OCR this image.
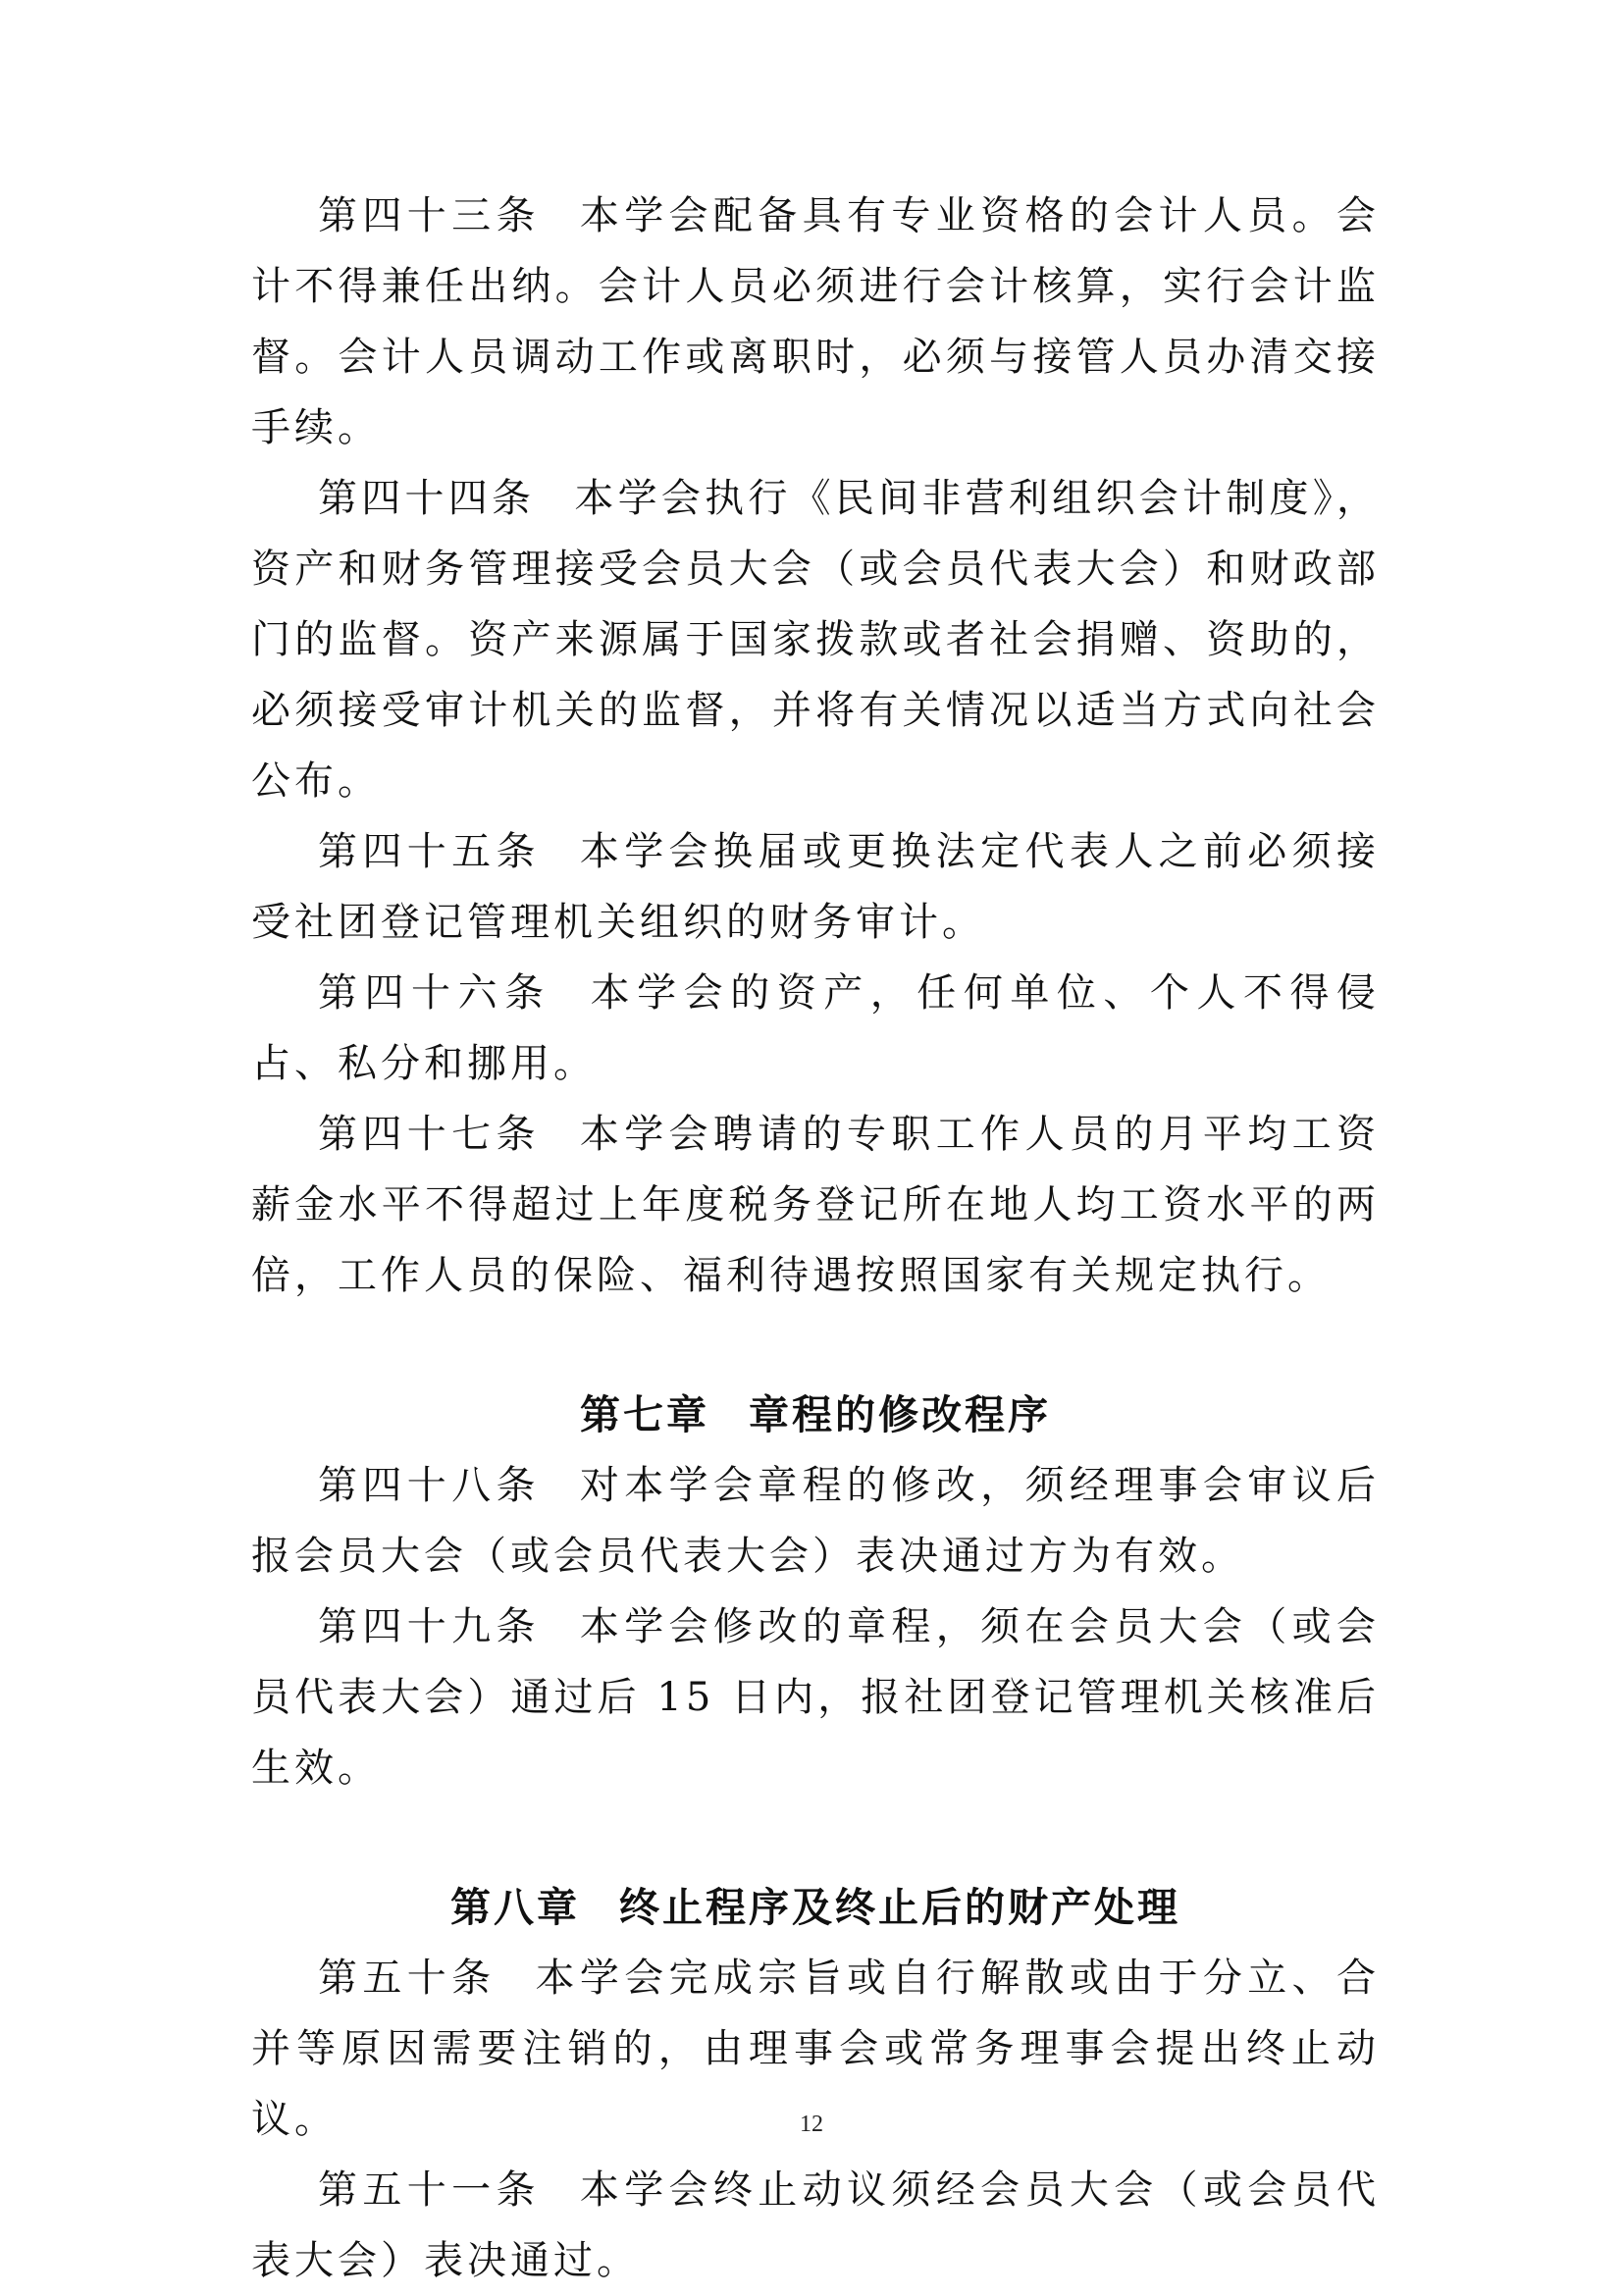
第四十三条 本学会配备具有专业资格的会计人员。会计不得兼任出纳。会计人员必须进行会计核算，实行会计监督。会计人员调动工作或离职时，必须与接管人员办清交接手续。

第四十四条 本学会执行《民间非营利组织会计制度》，资产和财务管理接受会员大会（或会员代表大会）和财政部门的监督。资产来源属于国家拨款或者社会捐赠、资助的，必须接受审计机关的监督，并将有关情况以适当方式向社会公布。

第四十五条 本学会换届或更换法定代表人之前必须接受社团登记管理机关组织的财务审计。

第四十六条 本学会的资产，任何单位、个人不得侵占、私分和挪用。

第四十七条 本学会聘请的专职工作人员的月平均工资薪金水平不得超过上年度税务登记所在地人均工资水平的两倍，工作人员的保险、福利待遇按照国家有关规定执行。

第七章 章程的修改程序

第四十八条 对本学会章程的修改，须经理事会审议后报会员大会（或会员代表大会）表决通过方为有效。

第四十九条 本学会修改的章程，须在会员大会（或会员代表大会）通过后 15 日内，报社团登记管理机关核准后生效。

第八章 终止程序及终止后的财产处理

第五十条 本学会完成宗旨或自行解散或由于分立、合并等原因需要注销的，由理事会或常务理事会提出终止动议。

第五十一条 本学会终止动议须经会员大会（或会员代表大会）表决通过。

12
